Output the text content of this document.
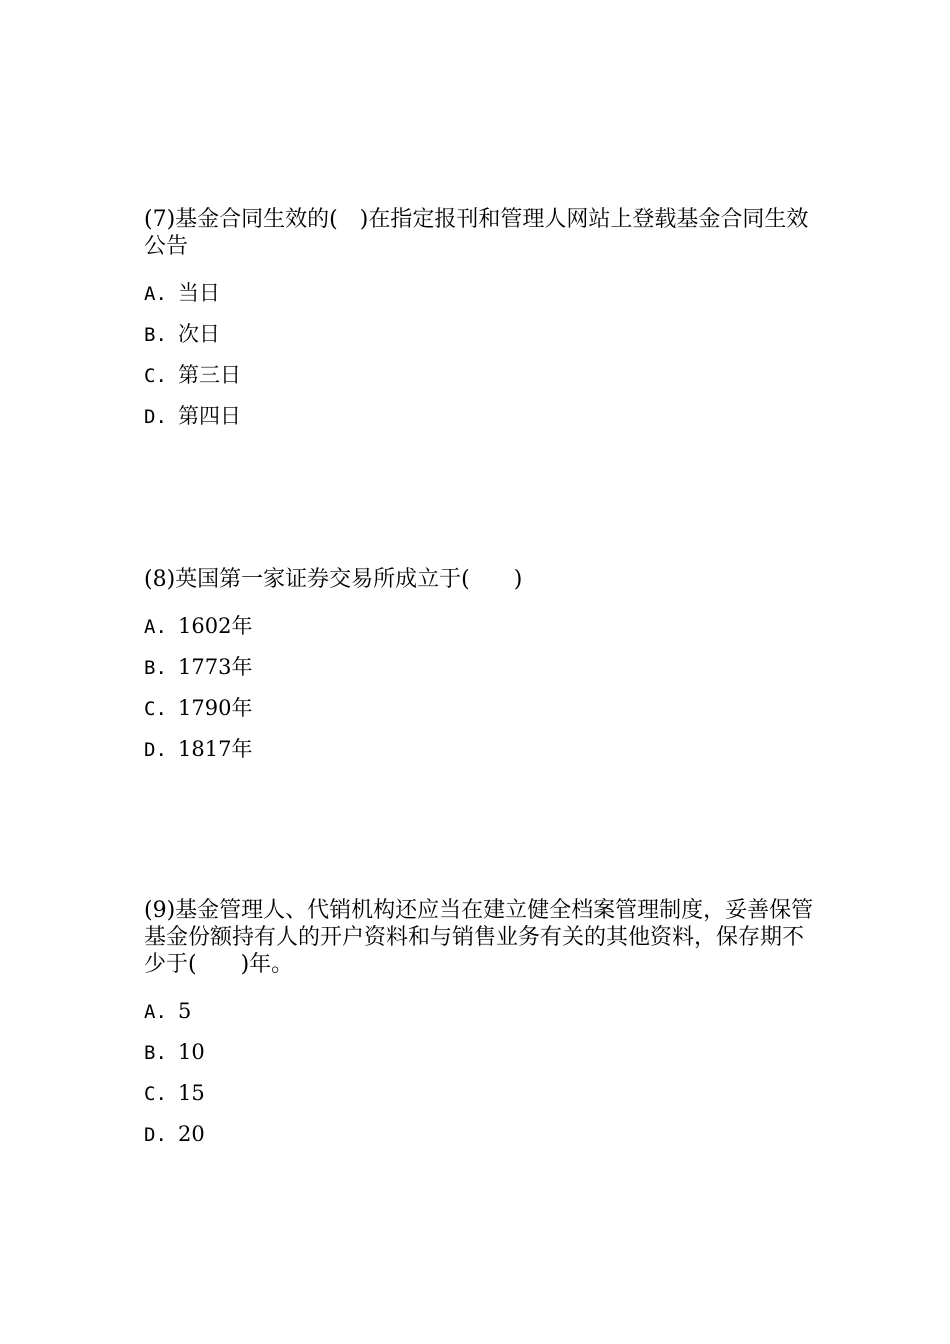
(7)基金合同生效的(　)在指定报刊和管理人网站上登载基金合同生效公告

A. 当日
B. 次日
C. 第三日
D. 第四日

(8)英国第一家证券交易所成立于(　　)

A. 1602年
B. 1773年
C. 1790年
D. 1817年

(9)基金管理人、代销机构还应当在建立健全档案管理制度，妥善保管基金份额持有人的开户资料和与销售业务有关的其他资料，保存期不少于(　　)年。

A. 5
B. 10
C. 15
D. 20
